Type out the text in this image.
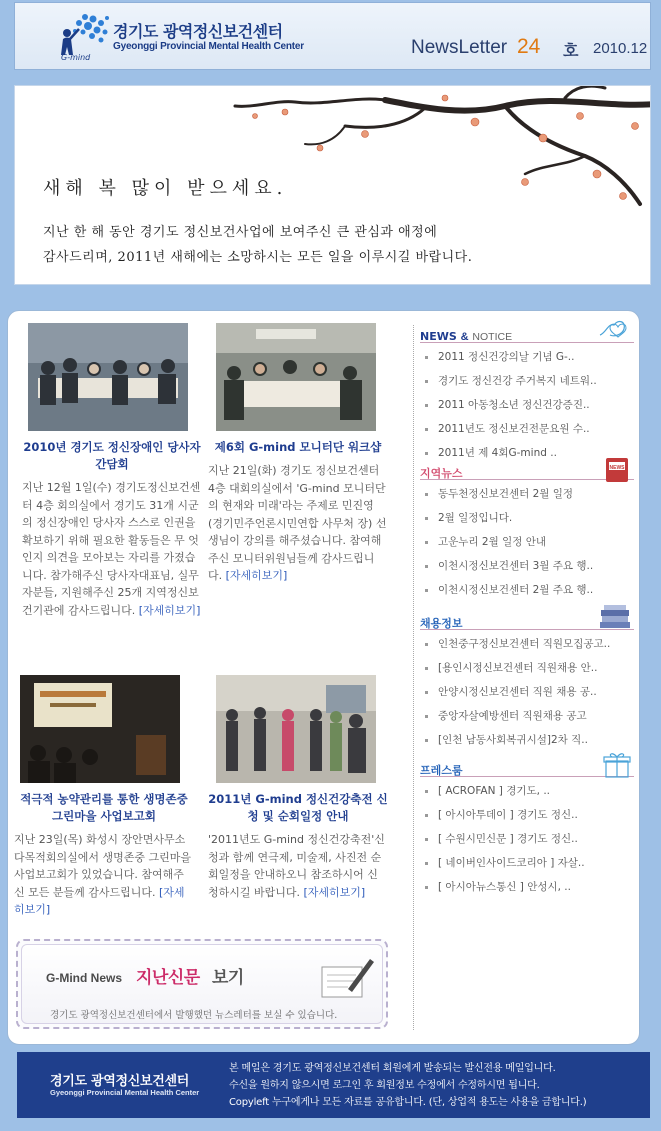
G-mind
경기도 광역정신보건센터
Gyeonggi Provincial Mental Health Center	NewsLetter 24 호 2010.12
새해 복 많이 받으세요.
지난 한 해 동안 경기도 정신보건사업에 보여주신 큰 관심과 애정에
감사드리며, 2011년 새해에는 소망하시는 모든 일을 이루시길 바랍니다.
2010년 경기도 정신장애인 당사자 간담회
지난 12월 1일(수) 경기도정신보건센터 4층 회의실에서 경기도 31개 시군의 정신장애인 당사자 스스로 인권을 확보하기 위해 필요한 활동들은 무 엇인지 의견을 모아보는 자리를 가졌습니다. 참가해주신 당사자대표님, 실무자분들, 지원해주신 25개 지역정신보건기관에 감사드립니다. [자세히보기]
제6회 G-mind 모니터단 워크샵
지난 21일(화) 경기도 정신보건센터 4층 대회의실에서 'G-mind 모니터단의 현재와 미래'라는 주제로 민진영(경기민주언론시민연합 사무처 장) 선생님이 강의를 해주셨습니다. 참여해주신 모니터위원님들께 감사드립니다. [자세히보기]
적극적 농약관리를 통한 생명존중 그린마을 사업보고회
지난 23일(목) 화성시 장안면사무소 다목적회의실에서 생명존중 그린마을 사업보고회가 있었습니다. 참여해주신 모든 분들께 감사드립니다. [자세히보기]
2011년 G-mind 정신건강축전 신청 및 순회일정 안내
'2011년도 G-mind 정신건강축전'신청과 함께 연극제, 미술제, 사진전 순회일정을 안내하오니 참조하시어 신청하시길 바랍니다. [자세히보기]
G-Mind News 지난신문 보기
경기도 광역정신보건센터에서 발행했던 뉴스레터를 보실 수 있습니다.
NEWS & NOTICE
2011 정신건강의날 기념 G-..
경기도 정신건강 주거복지 네트워..
2011 아동청소년 정신건강증진..
2011년도 정신보건전문요원 수..
2011년 제 4회G-mind ..
지역뉴스	NEWS
동두천정신보건센터 2월 일정
2월 일정입니다.
고운누리 2월 일정 안내
이천시정신보건센터 3월 주요 행..
이천시정신보건센터 2월 주요 행..
채용정보
인천중구정신보건센터 직원모집공고..
[용인시정신보건센터 직원채용 안..
안양시정신보건센터 직원 채용 공..
중앙자살예방센터 직원채용 공고
[인천 남동사회복귀시설]2차 직..
프레스룸
[ ACROFAN ] 경기도, ..
[ 아시아투데이 ] 경기도 정신..
[ 수원시민신문 ] 경기도 정신..
[ 네이버인사이드코리아 ] 자살..
[ 아시아뉴스통신 ] 안성시, ..
경기도 광역정신보건센터
Gyeonggi Provincial Mental Health Center
본 메일은 경기도 광역정신보건센터 회원에게 발송되는 발신전용 메일입니다.
수신을 원하지 않으시면 로그인 후 회원정보 수정에서 수정하시면 됩니다.
Copyleft 누구에게나 모든 자료를 공유합니다. (단, 상업적 용도는 사용을 금합니다.)
